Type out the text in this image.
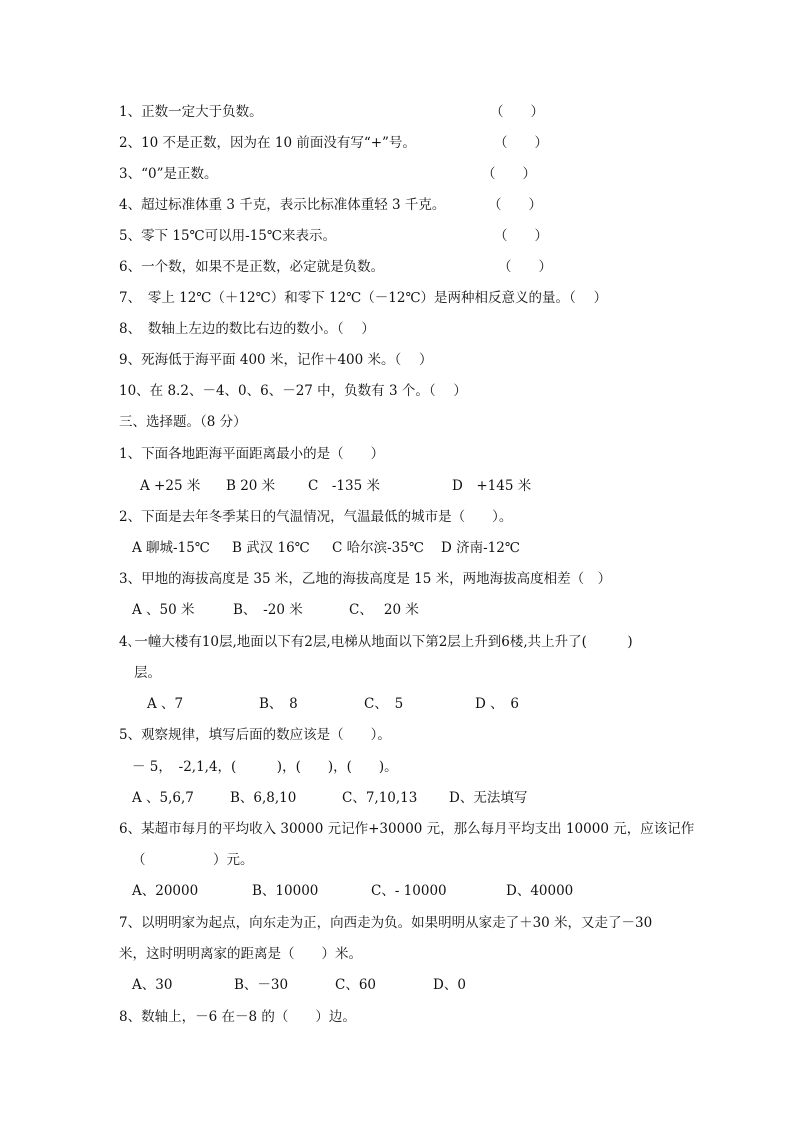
1、正数一定大于负数。	（　　）
2、10 不是正数，因为在 10 前面没有写“+”号。	（　　）
3、“0”是正数。	（　　）
4、超过标准体重 3 千克，表示比标准体重轻 3 千克。	（　　）
5、零下 15℃可以用-15℃来表示。	（　　）
6、一个数，如果不是正数，必定就是负数。	（　　）
7、　零上 12℃（＋12℃）和零下 12℃（－12℃）是两种相反意义的量。（　 ）
8、　数轴上左边的数比右边的数小。（　 ）
9、死海低于海平面 400 米，记作＋400 米。（　 ）
10、在 8.2、－4、0、6、－27 中，负数有 3 个。（　 ）
三、选择题。（8 分）
1、下面各地距海平面距离最小的是（　　）
A +25 米 B 20 米 C　-135 米	D　+145 米
2、下面是去年冬季某日的气温情况，气温最低的城市是（　　）。
A 聊城-15℃ B 武汉 16℃ C 哈尔滨-35℃ D 济南-12℃
3、甲地的海拔高度是 35 米，乙地的海拔高度是 15 米，两地海拔高度相差（　）
A 、50 米	B、　-20 米	C、　 20 米
4､一幢大楼有10层,地面以下有2层,电梯从地面以下第2层上升到6楼,共上升了(　　　)
层。
A 、7	B、　8	C、　5	D 、　6
5、观察规律，填写后面的数应该是（　　）。
－ 5，　-2,1,4，(　　　)，(　　)，(　　)。
A 、5,6,7	B、6,8,10	C、7,10,13 D、无法填写
6、某超市每月的平均收入 30000 元记作+30000 元，那么每月平均支出 10000 元，应该记作
（　　　　　）元。
A、20000	B、10000	C、- 10000	D、40000
7、以明明家为起点，向东走为正，向西走为负。如果明明从家走了＋30 米，又走了－30
米，这时明明离家的距离是（　　）米。
A、30	B、－30	C、60	D、0
8、数轴上，－6 在－8 的（　　）边。
